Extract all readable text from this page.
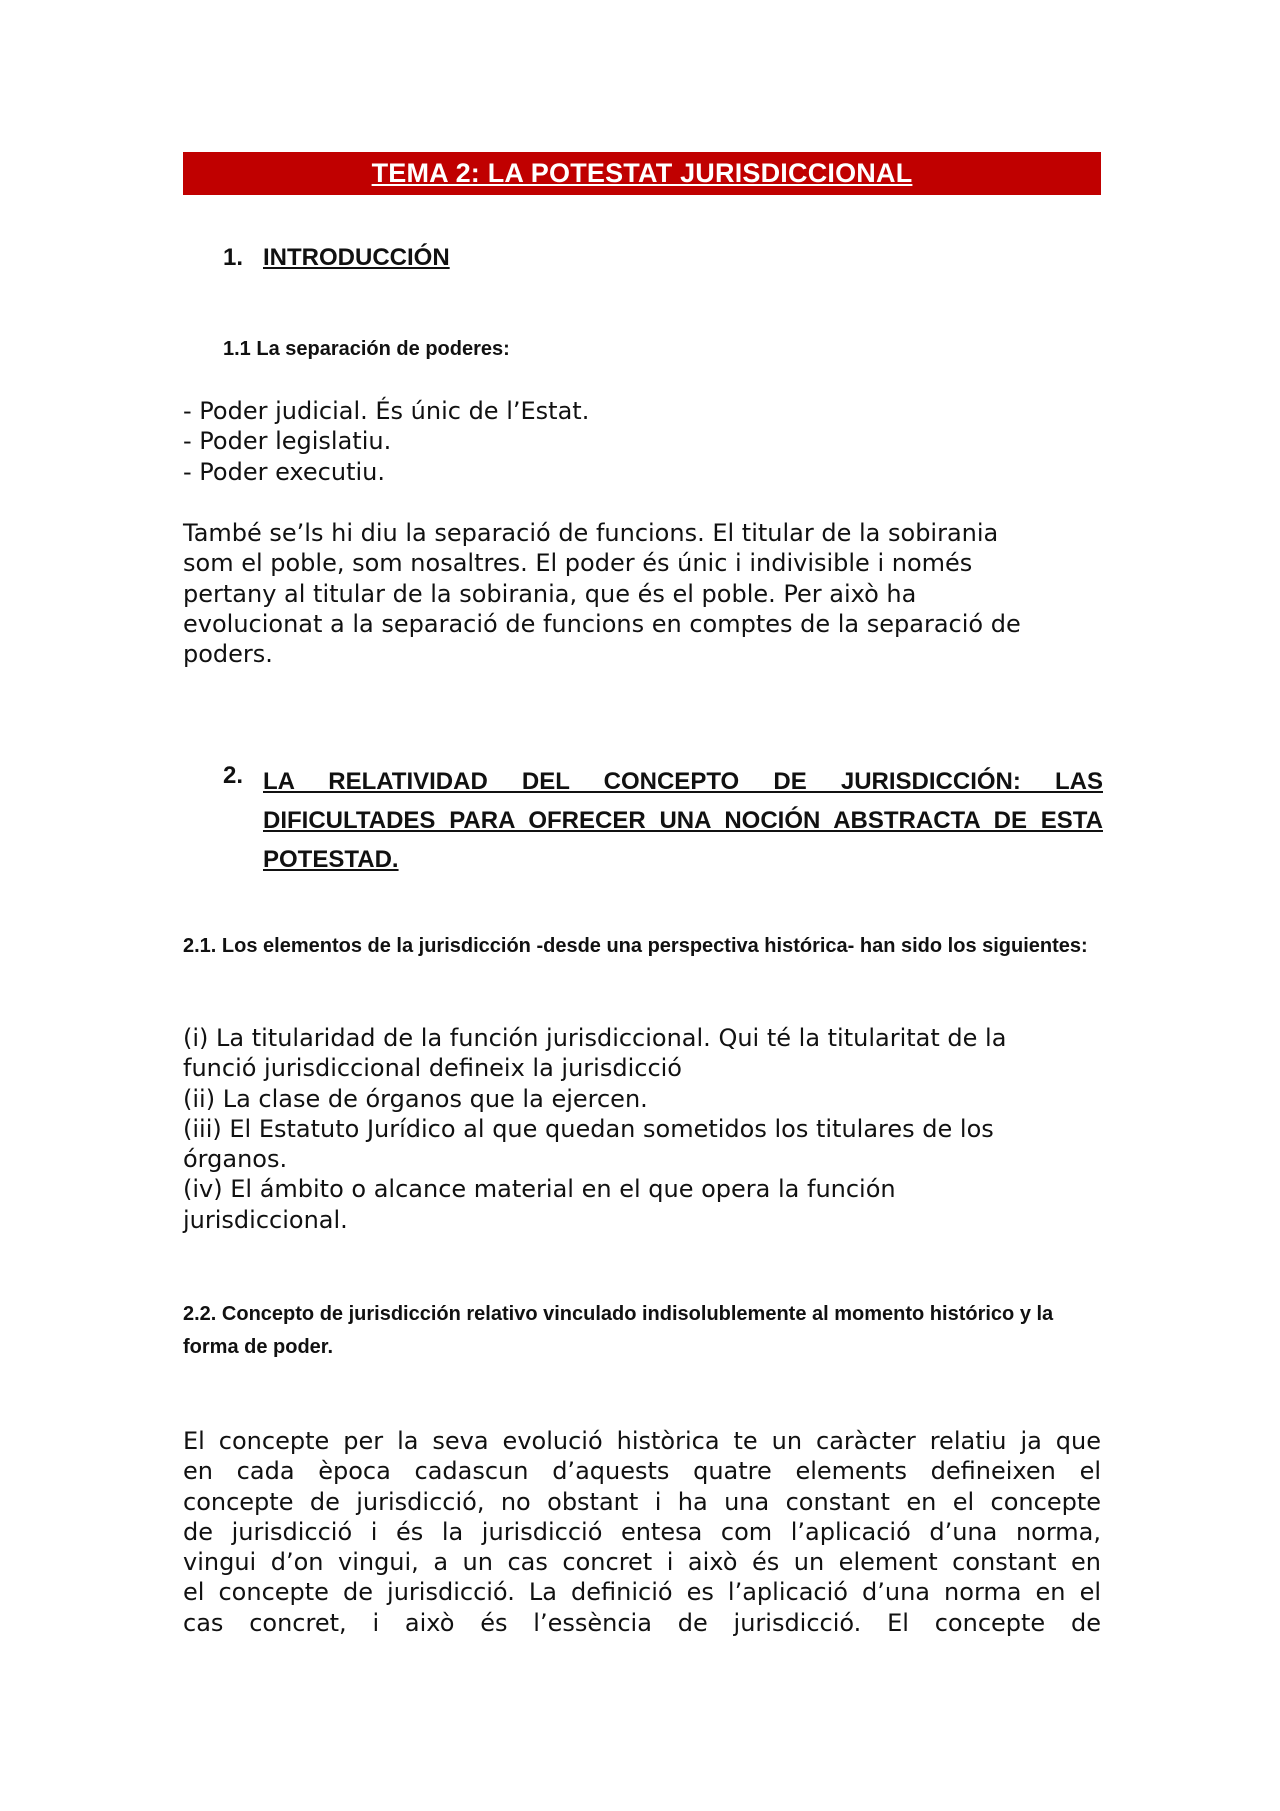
TEMA 2: LA POTESTAT JURISDICCIONAL
1. INTRODUCCIÓN
1.1 La separación de poderes:
- Poder judicial. És únic de l’Estat.
- Poder legislatiu.
- Poder executiu.
També se’ls hi diu la separació de funcions. El titular de la sobirania
som el poble, som nosaltres. El poder és únic i indivisible i només
pertany al titular de la sobirania, que és el poble. Per això ha
evolucionat a la separació de funcions en comptes de la separació de
poders.
2. LA RELATIVIDAD DEL CONCEPTO DE JURISDICCIÓN: LAS DIFICULTADES PARA OFRECER UNA NOCIÓN ABSTRACTA DE ESTA POTESTAD.
2.1. Los elementos de la jurisdicción -desde una perspectiva histórica- han sido los siguientes:
(i) La titularidad de la función jurisdiccional. Qui té la titularitat de la
funció jurisdiccional defineix la jurisdicció
(ii) La clase de órganos que la ejercen.
(iii) El Estatuto Jurídico al que quedan sometidos los titulares de los
órganos.
(iv) El ámbito o alcance material en el que opera la función
jurisdiccional.
2.2. Concepto de jurisdicción relativo vinculado indisolublemente al momento histórico y la forma de poder.
El concepte per la seva evolució històrica te un caràcter relatiu ja que
en cada època cadascun d’aquests quatre elements defineixen el
concepte de jurisdicció, no obstant i ha una constant en el concepte
de jurisdicció i és la jurisdicció entesa com l’aplicació d’una norma,
vingui d’on vingui, a un cas concret i això és un element constant en
el concepte de jurisdicció. La definició es l’aplicació d’una norma en el
cas concret, i això és l’essència de jurisdicció. El concepte de
